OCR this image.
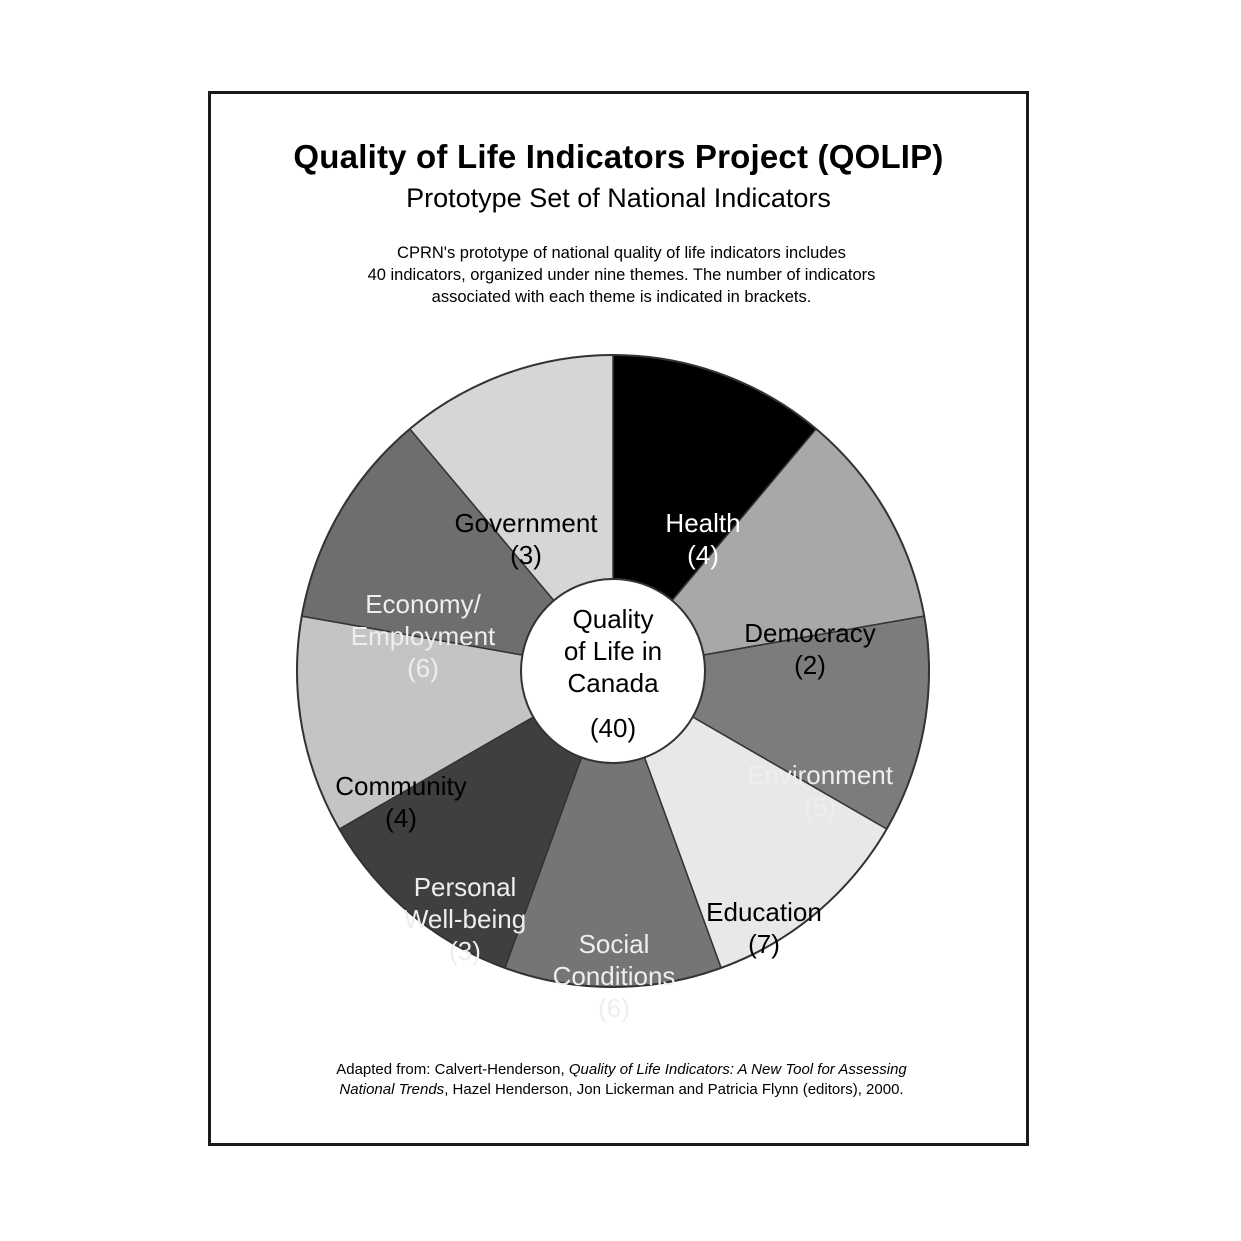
Quality of Life Indicators Project (QOLIP)
Prototype Set of National Indicators
CPRN's prototype of national quality of life indicators includes
40 indicators, organized under nine themes. The number of indicators
associated with each theme is indicated in brackets.
Health
(4)
Democracy
(2)
Environment
(5)
Education
(7)
Social
Conditions
(6)
Personal
Well-being
(3)
Community
(4)
Economy/
Employment
(6)
Government
(3)
Quality
of Life in
Canada
(40)
Adapted from: Calvert-Henderson, Quality of Life Indicators: A New Tool for Assessing
National Trends, Hazel Henderson, Jon Lickerman and Patricia Flynn (editors), 2000.
